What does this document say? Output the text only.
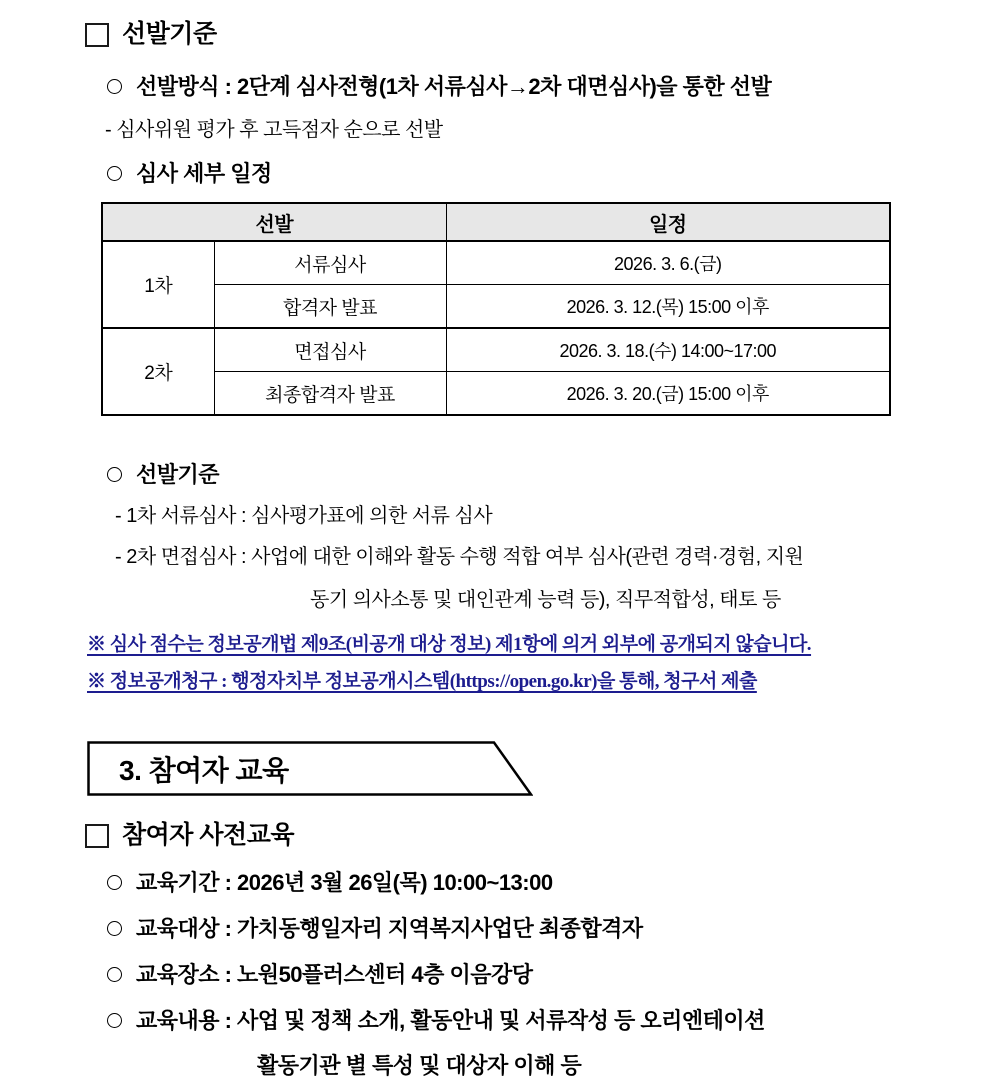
선발기준
선발방식 : 2단계 심사전형(1차 서류심사→2차 대면심사)을 통한 선발
- 심사위원 평가 후 고득점자 순으로 선발
심사 세부 일정
선발		일정
1차	서류심사	2026. 3. 6.(금)
	합격자 발표	2026. 3. 12.(목) 15:00 이후
2차	면접심사	2026. 3. 18.(수) 14:00~17:00
	최종합격자 발표	2026. 3. 20.(금) 15:00 이후
선발기준
- 1차 서류심사 : 심사평가표에 의한 서류 심사
- 2차 면접심사 : 사업에 대한 이해와 활동 수행 적합 여부 심사(관련 경력·경험, 지원
동기 의사소통 및 대인관계 능력 등), 직무적합성, 태토 등
※ 심사 점수는 정보공개법 제9조(비공개 대상 정보) 제1항에 의거 외부에 공개되지 않습니다.
※ 정보공개청구 : 행정자치부 정보공개시스템(https://open.go.kr)을 통해, 청구서 제출
3. 참여자 교육
참여자 사전교육
교육기간 : 2026년 3월 26일(목) 10:00~13:00
교육대상 : 가치동행일자리 지역복지사업단 최종합격자
교육장소 : 노원50플러스센터 4층 이음강당
교육내용 : 사업 및 정책 소개, 활동안내 및 서류작성 등 오리엔테이션
활동기관 별 특성 및 대상자 이해 등
